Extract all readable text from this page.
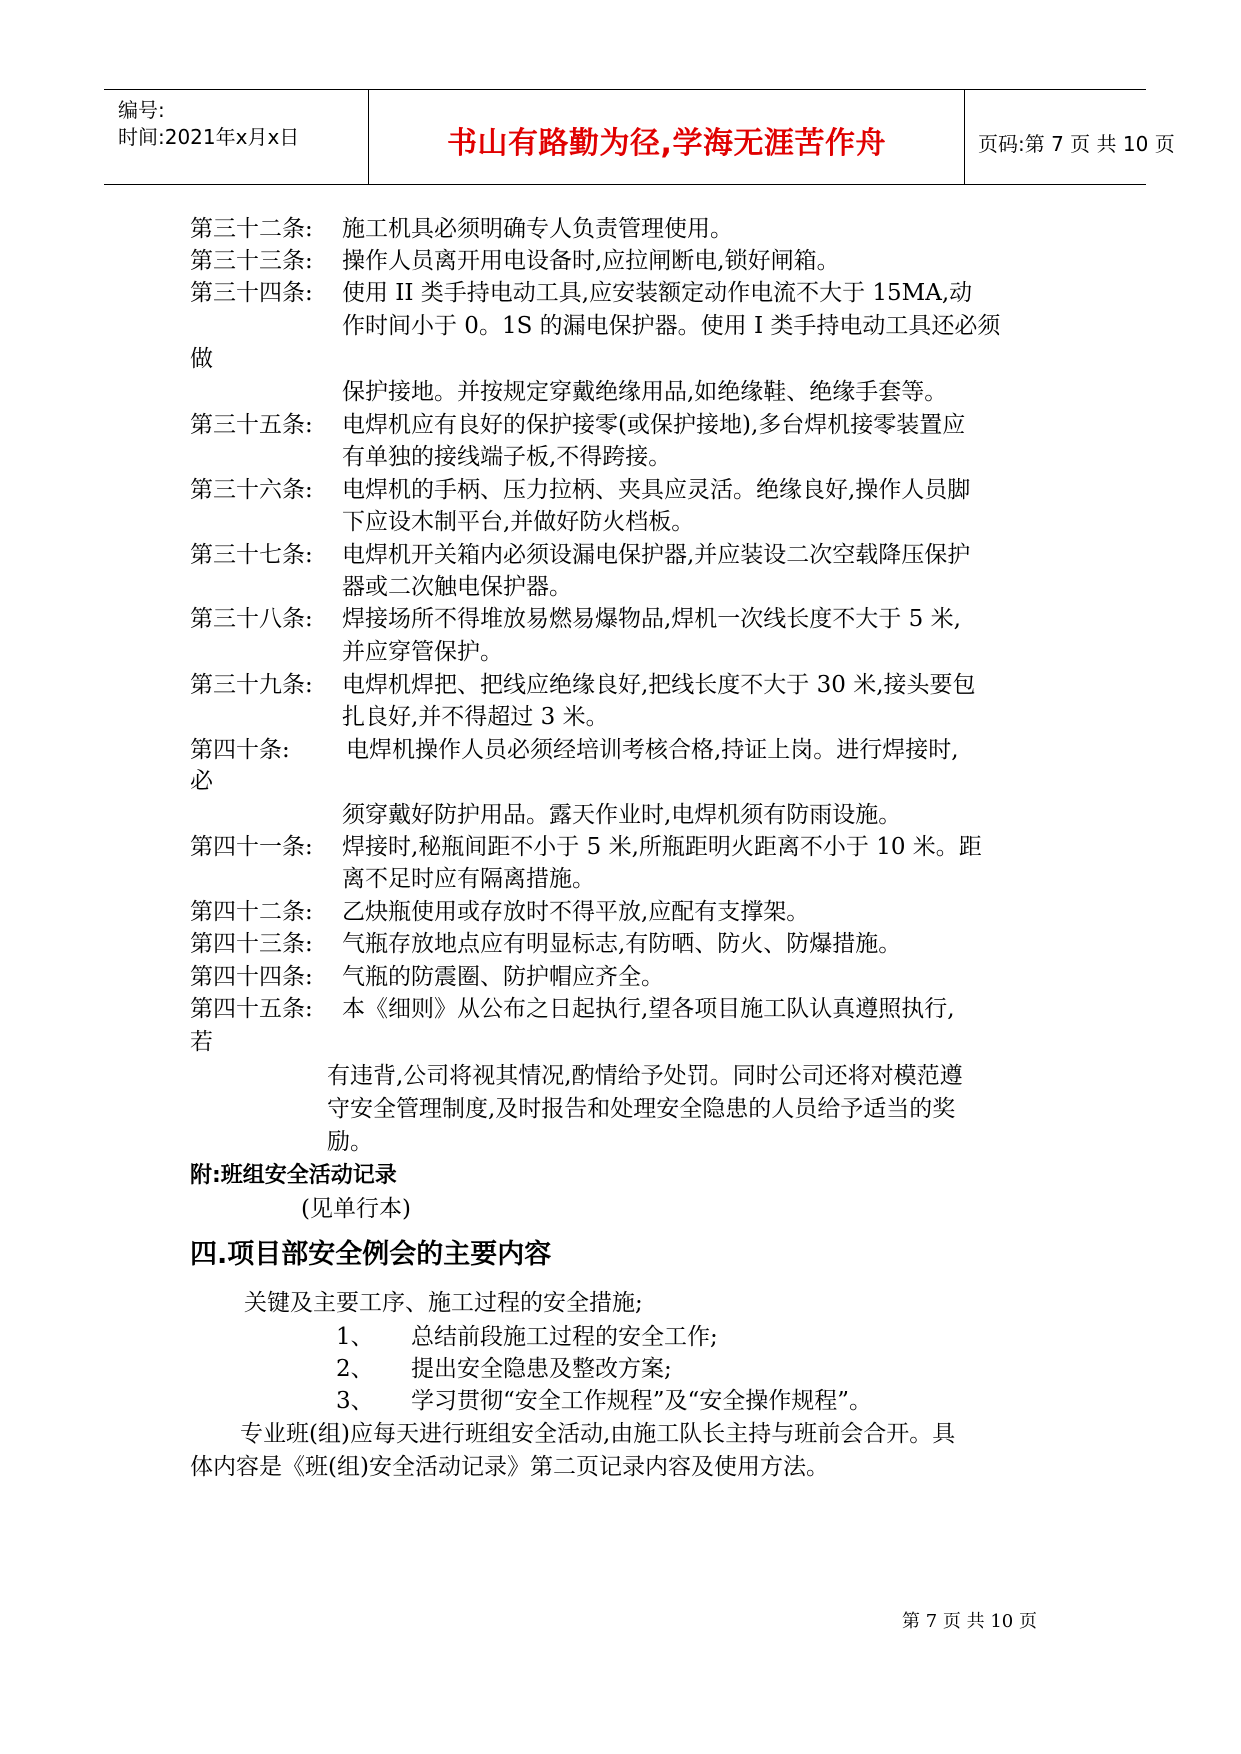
编号:
时间:2021年x月x日	书山有路勤为径,学海无涯苦作舟	页码:第 7 页 共 10 页
第三十二条: 施工机具必须明确专人负责管理使用。
第三十三条: 操作人员离开用电设备时,应拉闸断电,锁好闸箱。
第三十四条: 使用 II 类手持电动工具,应安装额定动作电流不大于 15MA,动
作时间小于 0。1S 的漏电保护器。使用 I 类手持电动工具还必须
做
保护接地。并按规定穿戴绝缘用品,如绝缘鞋、绝缘手套等。
第三十五条: 电焊机应有良好的保护接零(或保护接地),多台焊机接零装置应
有单独的接线端子板,不得跨接。
第三十六条: 电焊机的手柄、压力拉柄、夹具应灵活。绝缘良好,操作人员脚
下应设木制平台,并做好防火档板。
第三十七条: 电焊机开关箱内必须设漏电保护器,并应装设二次空载降压保护
器或二次触电保护器。
第三十八条: 焊接场所不得堆放易燃易爆物品,焊机一次线长度不大于 5 米,
并应穿管保护。
第三十九条: 电焊机焊把、把线应绝缘良好,把线长度不大于 30 米,接头要包
扎良好,并不得超过 3 米。
第四十条: 电焊机操作人员必须经培训考核合格,持证上岗。进行焊接时,
必
须穿戴好防护用品。露天作业时,电焊机须有防雨设施。
第四十一条: 焊接时,秘瓶间距不小于 5 米,所瓶距明火距离不小于 10 米。距
离不足时应有隔离措施。
第四十二条: 乙炔瓶使用或存放时不得平放,应配有支撑架。
第四十三条: 气瓶存放地点应有明显标志,有防晒、防火、防爆措施。
第四十四条: 气瓶的防震圈、防护帽应齐全。
第四十五条: 本《细则》从公布之日起执行,望各项目施工队认真遵照执行,
若
有违背,公司将视其情况,酌情给予处罚。同时公司还将对模范遵
守安全管理制度,及时报告和处理安全隐患的人员给予适当的奖
励。
附:班组安全活动记录
(见单行本)
四.项目部安全例会的主要内容
关键及主要工序、施工过程的安全措施;
1、 总结前段施工过程的安全工作;
2、 提出安全隐患及整改方案;
3、 学习贯彻“安全工作规程”及“安全操作规程”。
专业班(组)应每天进行班组安全活动,由施工队长主持与班前会合开。具
体内容是《班(组)安全活动记录》第二页记录内容及使用方法。
第 7 页 共 10 页
